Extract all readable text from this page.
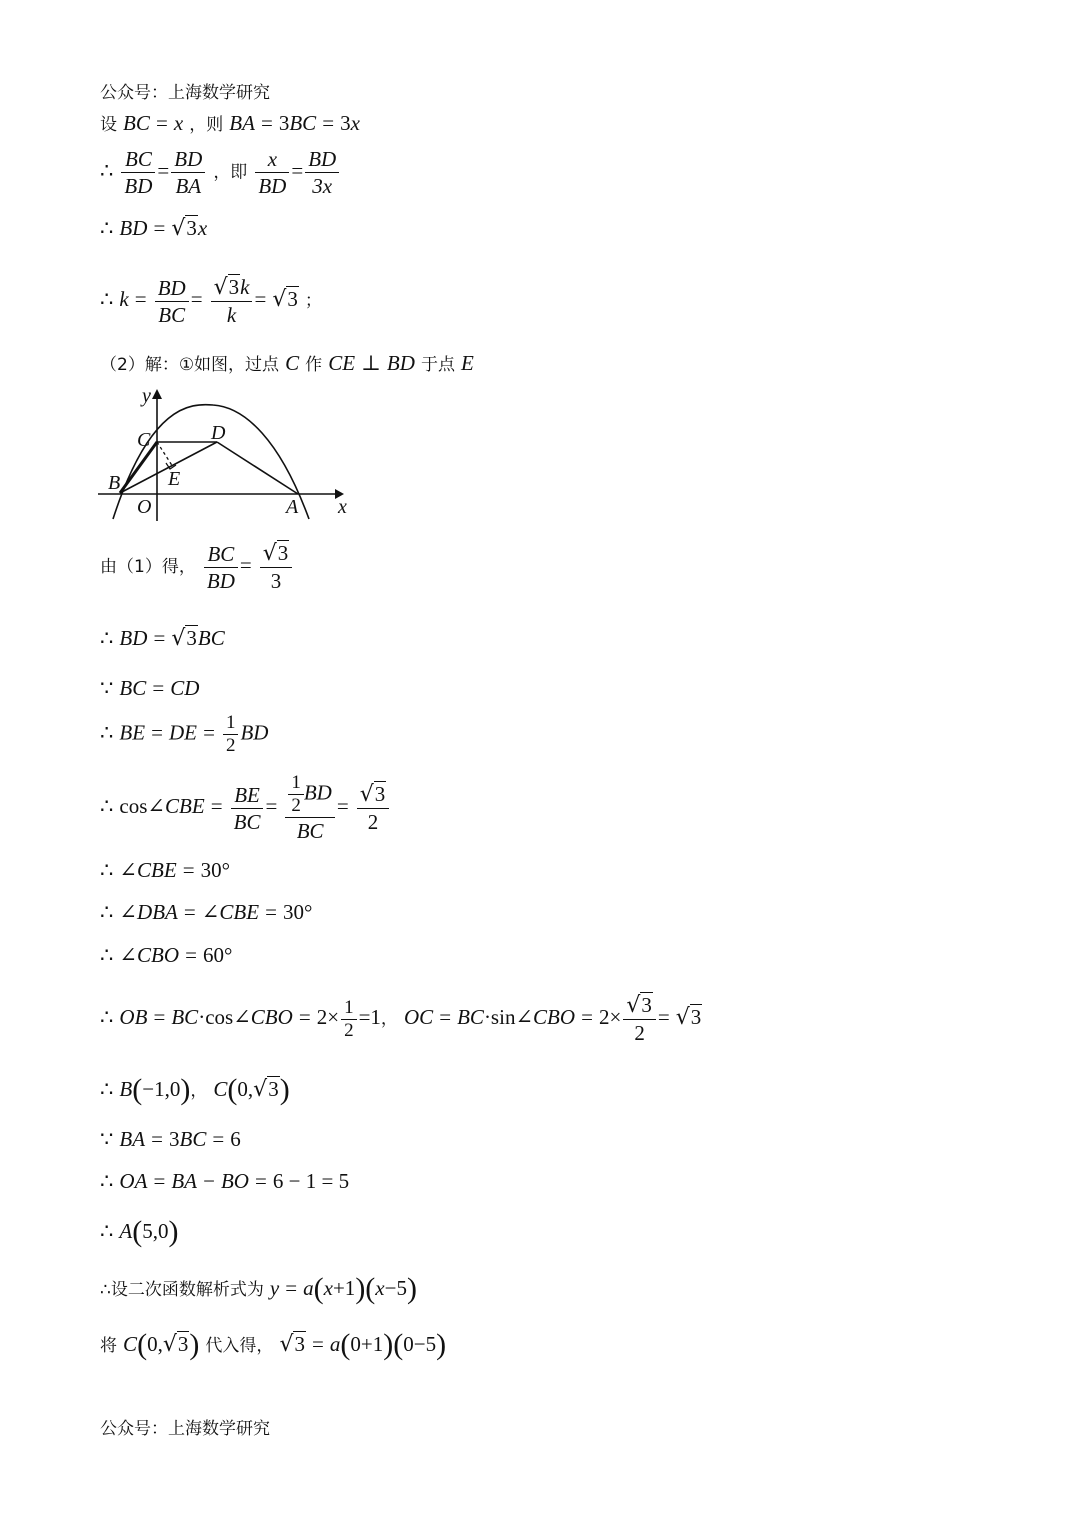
公众号：上海数学研究
设 BC = x ，则 BA = 3BC = 3x
∴ $\frac{BC}{BD} = \frac{BD}{BA}$ ，即 $\frac{x}{BD} = \frac{BD}{3x}$
∴ BD = √3x
∴ $k = \frac{BD}{BC} = \frac{√3k}{k} = √3$ ；
（2）解：①如图，过点 C 作 CE ⊥ BD 于点 E
y
x
C	D
B E
O	A
由（1）得， $\frac{BC}{BD} = \frac{√3}{3}$
∴ BD = √3BC
∵ BC = CD
∴ BE = DE = $\frac{1}{2}$ BD
∴ cos∠CBE = $\frac{BE}{BC} = \frac{\frac{1}{2} BD}{BC} = \frac{√3}{2}$
∴ ∠CBE = 30°
∴ ∠DBA = ∠CBE = 30°
∴ ∠CBO = 60°
∴ OB = BC·cos∠CBO = $2\times \frac{1}{2} =1$， OC = BC·sin∠CBO = $2\times \frac{√3}{2} = √3$
∴ B(−1,0)， C(0,√3)
∵ BA = 3BC = 6
∴ OA = BA − BO = 6 − 1 = 5
∴ A(5,0)
∴设二次函数解析式为 y = a(x+1)(x−5)
将 C(0,√3) 代入得， √3 = a(0+1)(0−5)
公众号：上海数学研究
